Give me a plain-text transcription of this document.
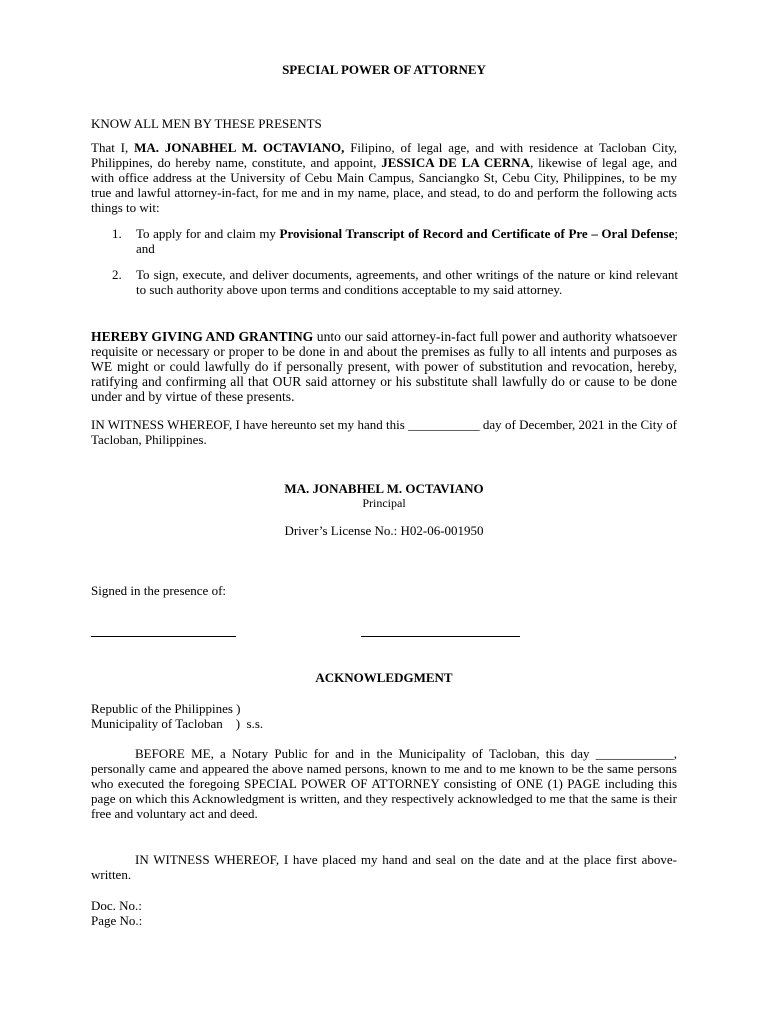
SPECIAL POWER OF ATTORNEY
KNOW ALL MEN BY THESE PRESENTS
That I, MA. JONABHEL M. OCTAVIANO, Filipino, of legal age, and with residence at Tacloban City, Philippines, do hereby name, constitute, and appoint, JESSICA DE LA CERNA, likewise of legal age, and with office address at the University of Cebu Main Campus, Sanciangko St, Cebu City, Philippines, to be my true and lawful attorney-in-fact, for me and in my name, place, and stead, to do and perform the following acts things to wit:
1. To apply for and claim my Provisional Transcript of Record and Certificate of Pre – Oral Defense; and
2. To sign, execute, and deliver documents, agreements, and other writings of the nature or kind relevant to such authority above upon terms and conditions acceptable to my said attorney.
HEREBY GIVING AND GRANTING unto our said attorney-in-fact full power and authority whatsoever requisite or necessary or proper to be done in and about the premises as fully to all intents and purposes as WE might or could lawfully do if personally present, with power of substitution and revocation, hereby, ratifying and confirming all that OUR said attorney or his substitute shall lawfully do or cause to be done under and by virtue of these presents.
IN WITNESS WHEREOF, I have hereunto set my hand this ___________ day of December, 2021 in the City of Tacloban, Philippines.
MA. JONABHEL M. OCTAVIANO
Principal
Driver’s License No.: H02-06-001950
Signed in the presence of:
ACKNOWLEDGMENT
Republic of the Philippines )
Municipality of Tacloban    )  s.s.
BEFORE ME, a Notary Public for and in the Municipality of Tacloban, this day ____________, personally came and appeared the above named persons, known to me and to me known to be the same persons who executed the foregoing SPECIAL POWER OF ATTORNEY consisting of ONE (1) PAGE including this page on which this Acknowledgment is written, and they respectively acknowledged to me that the same is their free and voluntary act and deed.
IN WITNESS WHEREOF, I have placed my hand and seal on the date and at the place first above-written.
Doc. No.:
Page No.:
